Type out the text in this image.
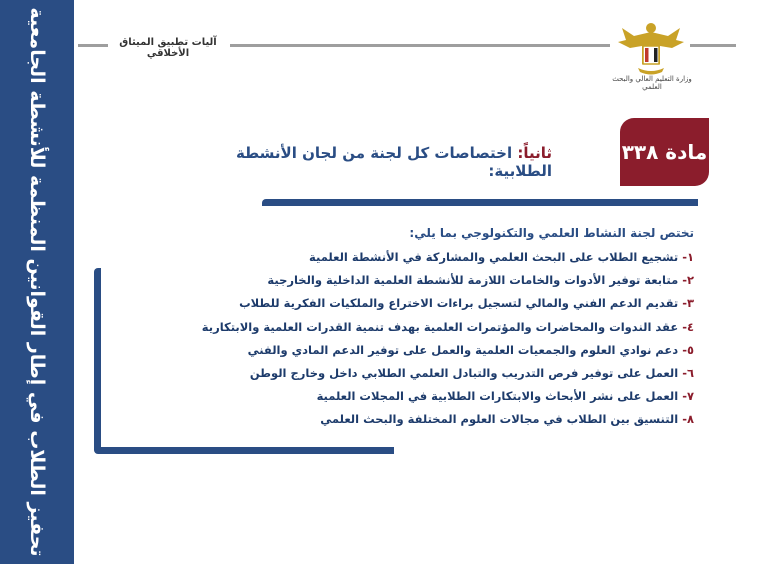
تحفيز الطلاب في إطار القوانين المنظمة للأنشطة الجامعية	آليات تطبيق الميثاق الأخلاقي
وزارة التعليم العالي والبحث العلمي
مادة ٣٣٨
ثانياً: اختصاصات كل لجنة من لجان الأنشطة الطلابية:

تختص لجنة النشاط العلمي والتكنولوجي بما يلي:

١-تشجيع الطلاب على البحث العلمي والمشاركة في الأنشطة العلمية
٢-متابعة توفير الأدوات والخامات اللازمة للأنشطة العلمية الداخلية والخارجية
٣-تقديم الدعم الفني والمالي لتسجيل براءات الاختراع والملكيات الفكرية للطلاب
٤-عقد الندوات والمحاضرات والمؤتمرات العلمية بهدف تنمية القدرات العلمية والابتكارية
٥-دعم نوادي العلوم والجمعيات العلمية والعمل على توفير الدعم المادي والفني
٦-العمل على توفير فرص التدريب والتبادل العلمي الطلابي داخل وخارج الوطن
٧-العمل على نشر الأبحاث والابتكارات الطلابية في المجلات العلمية
٨-التنسيق بين الطلاب في مجالات العلوم المختلفة والبحث العلمي
